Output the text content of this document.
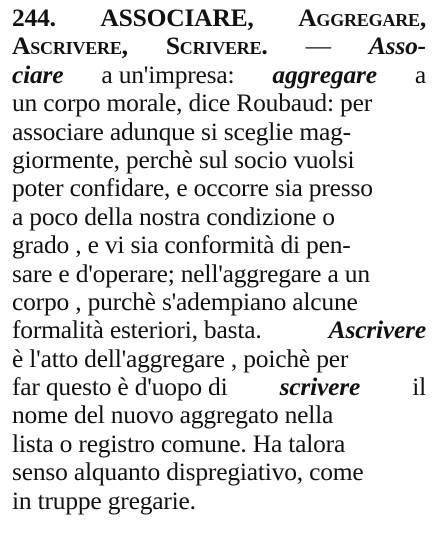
244. ASSOCIARE, Aggregare,
Ascrivere, Scrivere. — Asso-
ciare a un'impresa: aggregare a
un corpo morale, dice Roubaud: per
associare adunque si sceglie mag-
giormente, perchè sul socio vuolsi
poter confidare, e occorre sia presso
a poco della nostra condizione o
grado , e vi sia conformità di pen-
sare e d'operare; nell'aggregare a un
corpo , purchè s'adempiano alcune
formalità esteriori, basta.	Ascrivere
è l'atto dell'aggregare , poichè per
far questo è d'uopo di scrivere il
nome del nuovo aggregato nella
lista o registro comune. Ha talora
senso alquanto dispregiativo, come
in truppe gregarie.
